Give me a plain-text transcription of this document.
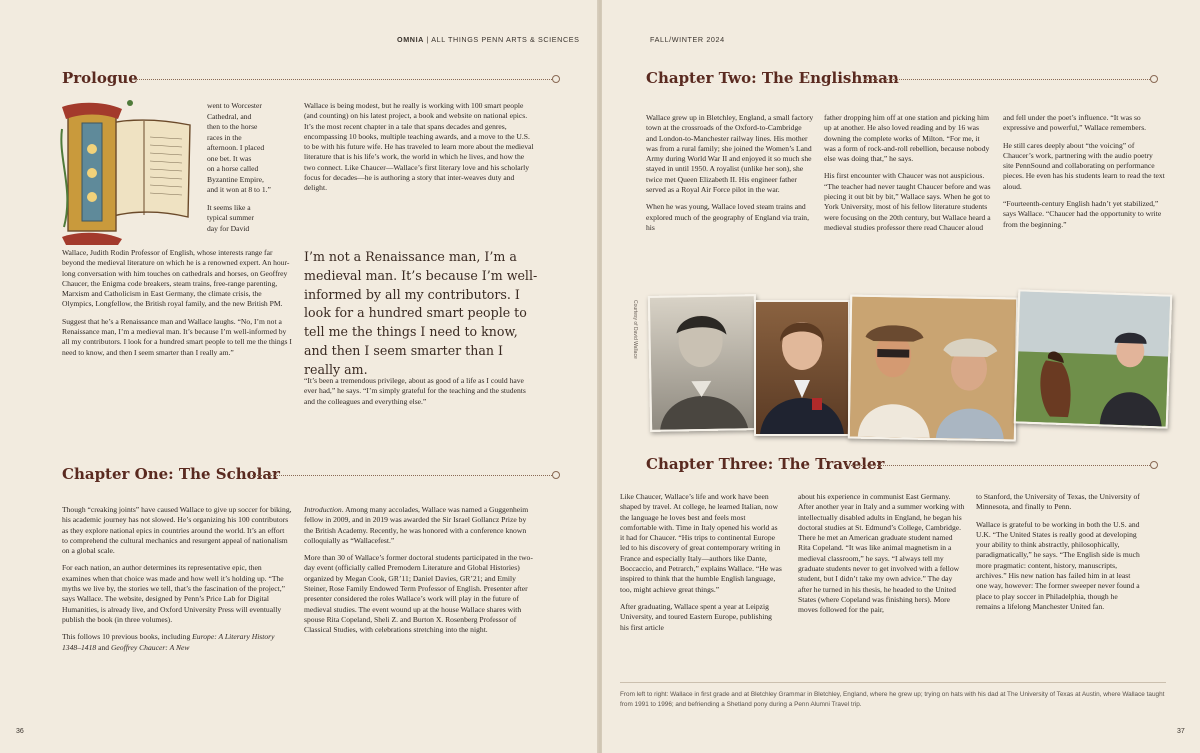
OMNIA | ALL THINGS PENN ARTS & SCIENCES
Prologue
went to Worcester
Cathedral, and
then to the horse
races in the
afternoon. I placed
one bet. It was
on a horse called
Byzantine Empire,
and it won at 8 to 1.”
It seems like a
typical summer
day for David

Wallace, Judith Rodin Professor of English, whose interests range far beyond the medieval literature on which he is a renowned expert. An hour-long conversation with him touches on cathedrals and horses, on Geoffrey Chaucer, the Enigma code breakers, steam trains, free-range parenting, Marxism and Catholicism in East Germany, the climate crisis, the Olympics, Longfellow, the British royal family, and the new British PM.

Suggest that he’s a Renaissance man and Wallace laughs. “No, I’m not a Renaissance man, I’m a medieval man. It’s because I’m well-informed by all my contributors. I look for a hundred smart people to tell me the things I need to know, and then I seem smarter than I really am.”

Wallace is being modest, but he really is working with 100 smart people (and counting) on his latest project, a book and website on national epics. It’s the most recent chapter in a tale that spans decades and genres, encompassing 10 books, multiple teaching awards, and a move to the U.S. to be with his future wife. He has traveled to learn more about the medieval literature that is his life’s work, the world in which he lives, and how the two connect. Like Chaucer—Wallace’s first literary love and his scholarly focus for decades—he is authoring a story that inter-weaves duty and delight.

I’m not a Renaissance man, I’m a medieval man. It’s because I’m well-informed by all my contributors. I look for a hundred smart people to tell me the things I need to know, and then I seem smarter than I really am.

“It’s been a tremendous privilege, about as good of a life as I could have ever had,” he says. “I’m simply grateful for the teaching and the students and the colleagues and everything else.”

Chapter One: The Scholar

Though “creaking joints” have caused Wallace to give up soccer for biking, his academic journey has not slowed. He’s organizing his 100 contributors as they explore national epics in countries around the world. It’s an effort to comprehend the cultural mechanics and resurgent appeal of nationalism on a global scale.

For each nation, an author determines its representative epic, then examines when that choice was made and how well it’s holding up. “The myths we live by, the stories we tell, that’s the fascination of the project,” says Wallace. The website, designed by Penn’s Price Lab for Digital Humanities, is already live, and Oxford University Press will eventually publish the book (in three volumes).

This follows 10 previous books, including Europe: A Literary History 1348–1418 and Geoffrey Chaucer: A New

Introduction. Among many accolades, Wallace was named a Guggenheim fellow in 2009, and in 2019 was awarded the Sir Israel Gollancz Prize by the British Academy. Recently, he was honored with a conference known colloquially as “Wallacefest.”

More than 30 of Wallace’s former doctoral students participated in the two-day event (officially called Premodern Literature and Global Histories) organized by Megan Cook, GR’11; Daniel Davies, GR’21; and Emily Steiner, Rose Family Endowed Term Professor of English. Presenter after presenter considered the roles Wallace’s work will play in the future of medieval studies. The event wound up at the house Wallace shares with spouse Rita Copeland, Sheli Z. and Burton X. Rosenberg Professor of Classical Studies, with celebrations stretching into the night.

36
FALL/WINTER 2024
Chapter Two: The Englishman

Wallace grew up in Bletchley, England, a small factory town at the crossroads of the Oxford-to-Cambridge and London-to-Manchester railway lines. His mother was from a rural family; she joined the Women’s Land Army during World War II and enjoyed it so much she stayed in until 1950. A royalist (unlike her son), she twice met Queen Elizabeth II. His engineer father served as a Royal Air Force pilot in the war.

When he was young, Wallace loved steam trains and explored much of the geography of England via train, his

father dropping him off at one station and picking him up at another. He also loved reading and by 16 was downing the complete works of Milton. “For me, it was a form of rock-and-roll rebellion, because nobody else was doing that,” he says.

His first encounter with Chaucer was not auspicious. “The teacher had never taught Chaucer before and was piecing it out bit by bit,” Wallace says. When he got to York University, most of his fellow literature students were focusing on the 20th century, but Wallace heard a medieval studies professor there read Chaucer aloud

and fell under the poet’s influence. “It was so expressive and powerful,” Wallace remembers.

He still cares deeply about “the voicing” of Chaucer’s work, partnering with the audio poetry site PennSound and collaborating on performance pieces. He even has his students learn to read the text aloud.

“Fourteenth-century English hadn’t yet stabilized,” says Wallace. “Chaucer had the opportunity to write from the beginning.”

Courtesy of David Wallace
Chapter Three: The Traveler

Like Chaucer, Wallace’s life and work have been shaped by travel. At college, he learned Italian, now the language he loves best and feels most comfortable with. Time in Italy opened his world as it had for Chaucer. “His trips to continental Europe led to his discovery of great contemporary writing in France and especially Italy—authors like Dante, Boccaccio, and Petrarch,” explains Wallace. “He was inspired to think that the humble English language, too, might achieve great things.”

After graduating, Wallace spent a year at Leipzig University, and toured Eastern Europe, publishing his first article

about his experience in communist East Germany. After another year in Italy and a summer working with intellectually disabled adults in England, he began his doctoral studies at St. Edmund’s College, Cambridge. There he met an American graduate student named Rita Copeland. “It was like animal magnetism in a medieval classroom,” he says. “I always tell my graduate students never to get involved with a fellow student, but I didn’t take my own advice.” The day after he turned in his thesis, he headed to the United States (where Copeland was finishing hers). More moves followed for the pair,

to Stanford, the University of Texas, the University of Minnesota, and finally to Penn.

Wallace is grateful to be working in both the U.S. and U.K. “The United States is really good at developing your ability to think abstractly, philosophically, paradigmatically,” he says. “The English side is much more pragmatic: content, history, manuscripts, archives.” His new nation has failed him in at least one way, however: The former sweeper never found a place to play soccer in Philadelphia, though he remains a lifelong Manchester United fan.

From left to right: Wallace in first grade and at Bletchley Grammar in Bletchley, England, where he grew up; trying on hats with his dad at The University of Texas at Austin, where Wallace taught from 1991 to 1996; and befriending a Shetland pony during a Penn Alumni Travel trip.
37
